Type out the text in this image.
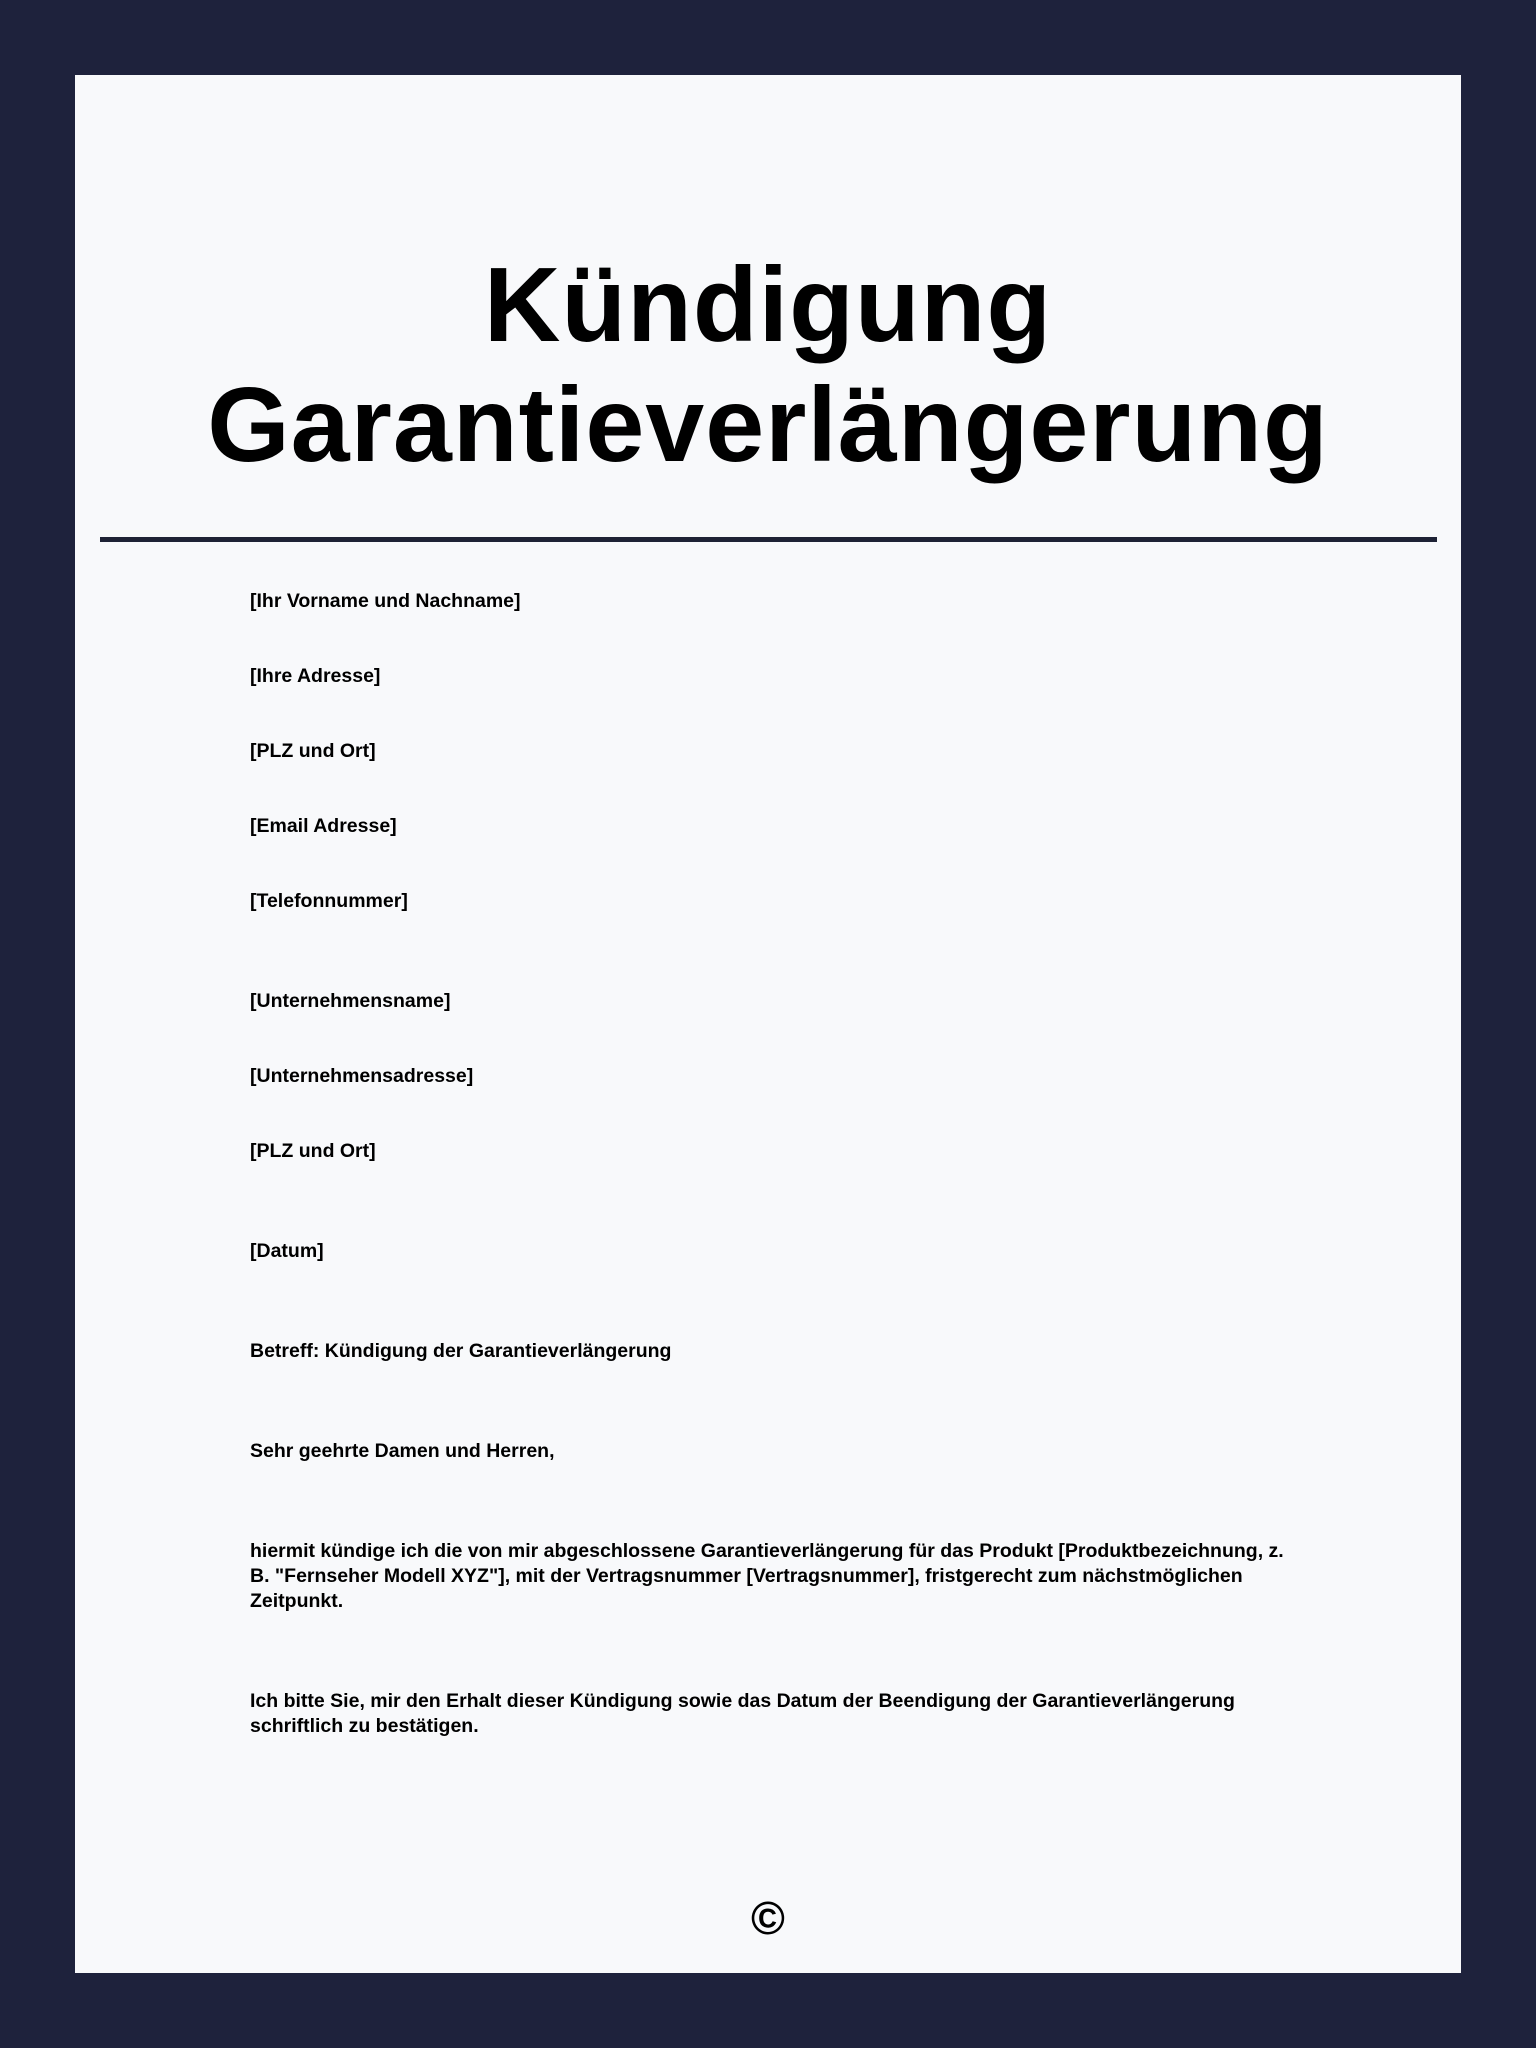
Kündigung
Garantieverlängerung

[Ihr Vorname und Nachname]

[Ihre Adresse]

[PLZ und Ort]

[Email Adresse]

[Telefonnummer]

[Unternehmensname]

[Unternehmensadresse]

[PLZ und Ort]

[Datum]

Betreff: Kündigung der Garantieverlängerung

Sehr geehrte Damen und Herren,

hiermit kündige ich die von mir abgeschlossene Garantieverlängerung für das Produkt [Produktbezeichnung, z. B. "Fernseher Modell XYZ"], mit der Vertragsnummer [Vertragsnummer], fristgerecht zum nächstmöglichen Zeitpunkt.

Ich bitte Sie, mir den Erhalt dieser Kündigung sowie das Datum der Beendigung der Garantieverlängerung schriftlich zu bestätigen.

©
